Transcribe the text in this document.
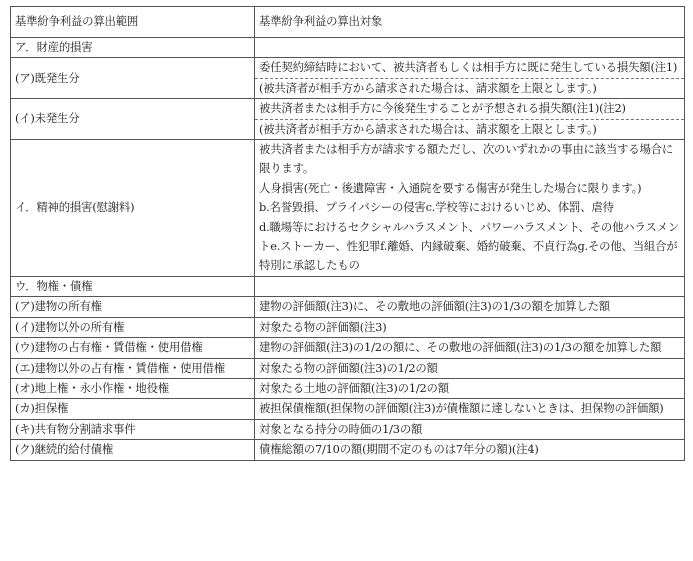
基準紛争利益の算出範囲	基準紛争利益の算出対象
ア．財産的損害	
(ア)既発生分	委任契約締結時において、被共済者もしくは相手方に既に発生している損失額(注1)
	(被共済者が相手方から請求された場合は、請求額を上限とします。)
(イ)未発生分	被共済者または相手方に今後発生することが予想される損失額(注1)(注2)
	(被共済者が相手方から請求された場合は、請求額を上限とします。)
イ．精神的損害(慰謝料)	被共済者または相手方が請求する額ただし、次のいずれかの事由に該当する場合に限ります。
人身損害(死亡・後遺障害・入通院を要する傷害が発生した場合に限ります。)
b.名誉毀損、プライバシーの侵害c.学校等におけるいじめ、体罰、虐待
d.職場等におけるセクシャルハラスメント、パワーハラスメント、その他ハラスメントe.ストーカー、性犯罪f.離婚、内縁破棄、婚約破棄、不貞行為g.その他、当組合が特別に承認したもの

ウ．物権・債権	
(ア)建物の所有権	建物の評価額(注3)に、その敷地の評価額(注3)の1/3の額を加算した額
(イ)建物以外の所有権	対象たる物の評価額(注3)
(ウ)建物の占有権・賃借権・使用借権	建物の評価額(注3)の1/2の額に、その敷地の評価額(注3)の1/3の額を加算した額
(エ)建物以外の占有権・賃借権・使用借権	対象たる物の評価額(注3)の1/2の額
(オ)地上権・永小作権・地役権	対象たる土地の評価額(注3)の1/2の額
(カ)担保権	被担保債権額(担保物の評価額(注3)が債権額に達しないときは、担保物の評価額)
(キ)共有物分割請求事件	対象となる持分の時価の1/3の額
(ク)継続的給付債権	債権総額の7/10の額(期間不定のものは7年分の額)(注4)
